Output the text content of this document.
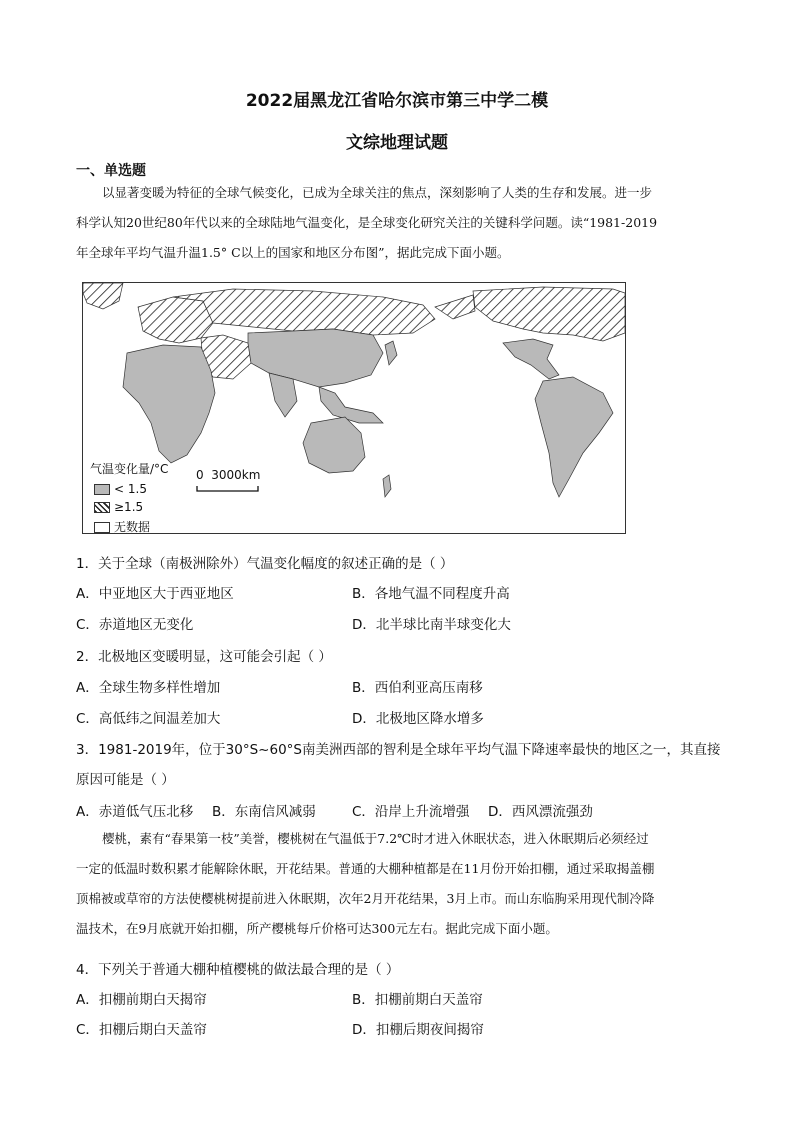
2022届黑龙江省哈尔滨市第三中学二模
文综地理试题
一、单选题
以显著变暖为特征的全球气候变化，已成为全球关注的焦点，深刻影响了人类的生存和发展。进一步
科学认知20世纪80年代以来的全球陆地气温变化，是全球变化研究关注的关键科学问题。读“1981-2019
年全球年平均气温升温1.5° C以上的国家和地区分布图”，据此完成下面小题。
气温变化量/°C
< 1.5
≥1.5
无数据
0  3000km
1．关于全球（南极洲除外）气温变化幅度的叙述正确的是（ ）
A．中亚地区大于西亚地区	B．各地气温不同程度升高
C．赤道地区无变化	D．北半球比南半球变化大
2．北极地区变暖明显，这可能会引起（ ）
A．全球生物多样性增加	B．西伯利亚高压南移
C．高低纬之间温差加大	D．北极地区降水增多
3．1981-2019年，位于30°S~60°S南美洲西部的智利是全球年平均气温下降速率最快的地区之一，其直接
原因可能是（ ）
A．赤道低气压北移 B．东南信风减弱	C．沿岸上升流增强 D．西风漂流强劲
樱桃，素有“春果第一枝”美誉，樱桃树在气温低于7.2℃时才进入休眠状态，进入休眠期后必须经过
一定的低温时数积累才能解除休眠，开花结果。普通的大棚种植都是在11月份开始扣棚，通过采取揭盖棚
顶棉被或草帘的方法使樱桃树提前进入休眠期，次年2月开花结果，3月上市。而山东临朐采用现代制冷降
温技术，在9月底就开始扣棚，所产樱桃每斤价格可达300元左右。据此完成下面小题。
4．下列关于普通大棚种植樱桃的做法最合理的是（ ）
A．扣棚前期白天揭帘	B．扣棚前期白天盖帘
C．扣棚后期白天盖帘	D．扣棚后期夜间揭帘
